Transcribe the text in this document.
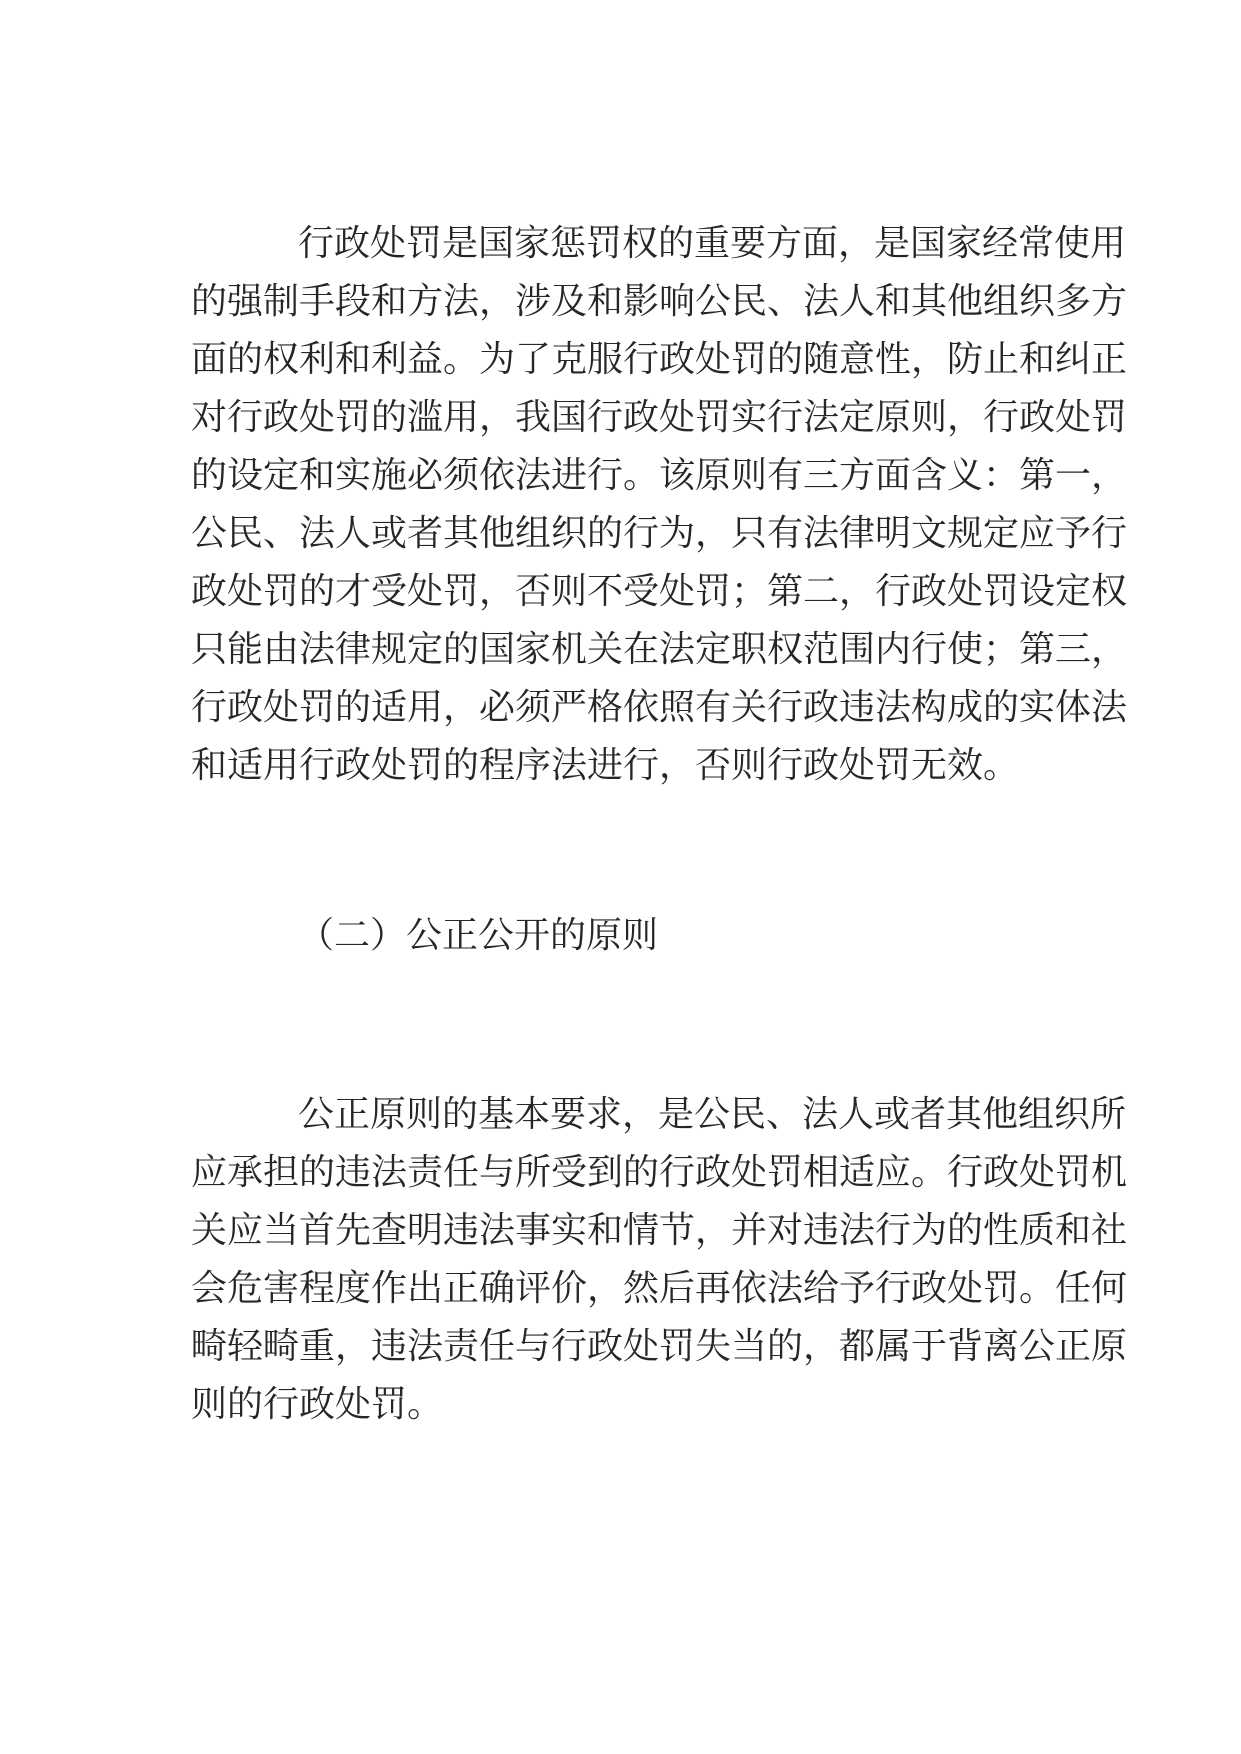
行政处罚是国家惩罚权的重要方面，是国家经常使用
的强制手段和方法，涉及和影响公民、法人和其他组织多方
面的权利和利益。为了克服行政处罚的随意性，防止和纠正
对行政处罚的滥用，我国行政处罚实行法定原则，行政处罚
的设定和实施必须依法进行。该原则有三方面含义：第一，
公民、法人或者其他组织的行为，只有法律明文规定应予行
政处罚的才受处罚，否则不受处罚；第二，行政处罚设定权
只能由法律规定的国家机关在法定职权范围内行使；第三，
行政处罚的适用，必须严格依照有关行政违法构成的实体法
和适用行政处罚的程序法进行，否则行政处罚无效。
（二）公正公开的原则
公正原则的基本要求，是公民、法人或者其他组织所
应承担的违法责任与所受到的行政处罚相适应。行政处罚机
关应当首先查明违法事实和情节，并对违法行为的性质和社
会危害程度作出正确评价，然后再依法给予行政处罚。任何
畸轻畸重，违法责任与行政处罚失当的，都属于背离公正原
则的行政处罚。
